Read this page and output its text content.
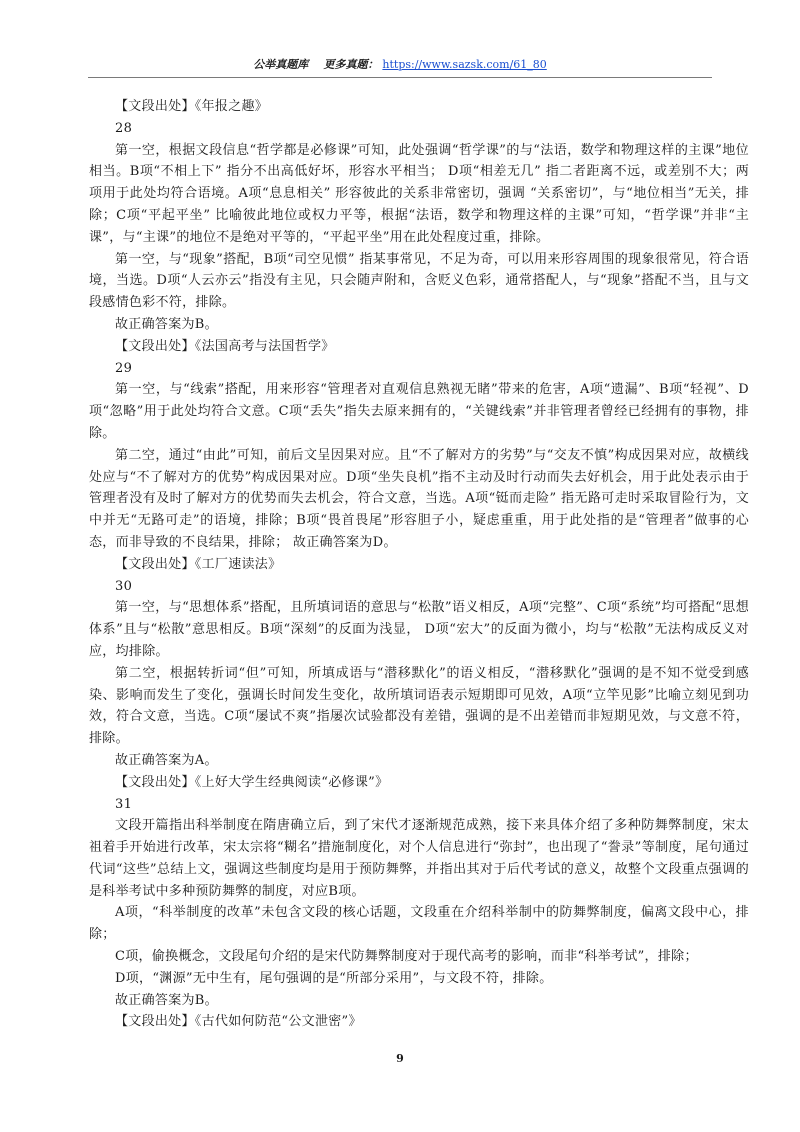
公举真题库 更多真题： https://www.sazsk.com/61_80

【文段出处】《年报之趣》

28

第一空，根据文段信息“哲学都是必修课”可知，此处强调“哲学课”的与“法语，数学和物理这样的主课”地位相当。B项“不相上下” 指分不出高低好坏，形容水平相当； D项“相差无几” 指二者距离不远，或差别不大；两项用于此处均符合语境。A项“息息相关” 形容彼此的关系非常密切，强调 “关系密切”，与“地位相当”无关，排除；C项“平起平坐” 比喻彼此地位或权力平等，根据“法语，数学和物理这样的主课”可知，“哲学课”并非“主课”，与“主课”的地位不是绝对平等的，“平起平坐”用在此处程度过重，排除。

第一空，与“现象”搭配，B项“司空见惯” 指某事常见，不足为奇，可以用来形容周围的现象很常见，符合语境，当选。D项“人云亦云”指没有主见，只会随声附和，含贬义色彩，通常搭配人，与“现象”搭配不当，且与文段感情色彩不符，排除。

故正确答案为B。

【文段出处】《法国高考与法国哲学》

29

第一空，与“线索”搭配，用来形容“管理者对直观信息熟视无睹”带来的危害，A项“遗漏”、B项“轻视”、D项“忽略”用于此处均符合文意。C项“丢失”指失去原来拥有的，“关键线索”并非管理者曾经已经拥有的事物，排除。

第二空，通过“由此”可知，前后文呈因果对应。且“不了解对方的劣势”与“交友不慎”构成因果对应，故横线处应与“不了解对方的优势”构成因果对应。D项“坐失良机”指不主动及时行动而失去好机会，用于此处表示由于管理者没有及时了解对方的优势而失去机会，符合文意，当选。A项“铤而走险” 指无路可走时采取冒险行为，文中并无“无路可走”的语境，排除；B项“畏首畏尾”形容胆子小，疑虑重重，用于此处指的是“管理者”做事的心态，而非导致的不良结果，排除； 故正确答案为D。

【文段出处】《工厂速读法》

30

第一空，与“思想体系”搭配，且所填词语的意思与“松散”语义相反，A项“完整”、C项“系统”均可搭配“思想体系”且与“松散”意思相反。B项“深刻”的反面为浅显， D项“宏大”的反面为微小，均与“松散”无法构成反义对应，均排除。

第二空，根据转折词“但”可知，所填成语与“潜移默化”的语义相反，“潜移默化”强调的是不知不觉受到感染、影响而发生了变化，强调长时间发生变化，故所填词语表示短期即可见效，A项“立竿见影”比喻立刻见到功效，符合文意，当选。C项“屡试不爽”指屡次试验都没有差错，强调的是不出差错而非短期见效，与文意不符，排除。

故正确答案为A。

【文段出处】《上好大学生经典阅读“必修课”》

31

文段开篇指出科举制度在隋唐确立后，到了宋代才逐渐规范成熟，接下来具体介绍了多种防舞弊制度，宋太祖着手开始进行改革，宋太宗将“糊名”措施制度化，对个人信息进行“弥封”，也出现了“誊录”等制度，尾句通过代词“这些”总结上文，强调这些制度均是用于预防舞弊，并指出其对于后代考试的意义，故整个文段重点强调的是科举考试中多种预防舞弊的制度，对应B项。

A项，“科举制度的改革”未包含文段的核心话题，文段重在介绍科举制中的防舞弊制度，偏离文段中心，排除；

C项，偷换概念，文段尾句介绍的是宋代防舞弊制度对于现代高考的影响，而非“科举考试”，排除；

D项，“渊源”无中生有，尾句强调的是“所部分采用”，与文段不符，排除。

故正确答案为B。

【文段出处】《古代如何防范“公文泄密”》

9
